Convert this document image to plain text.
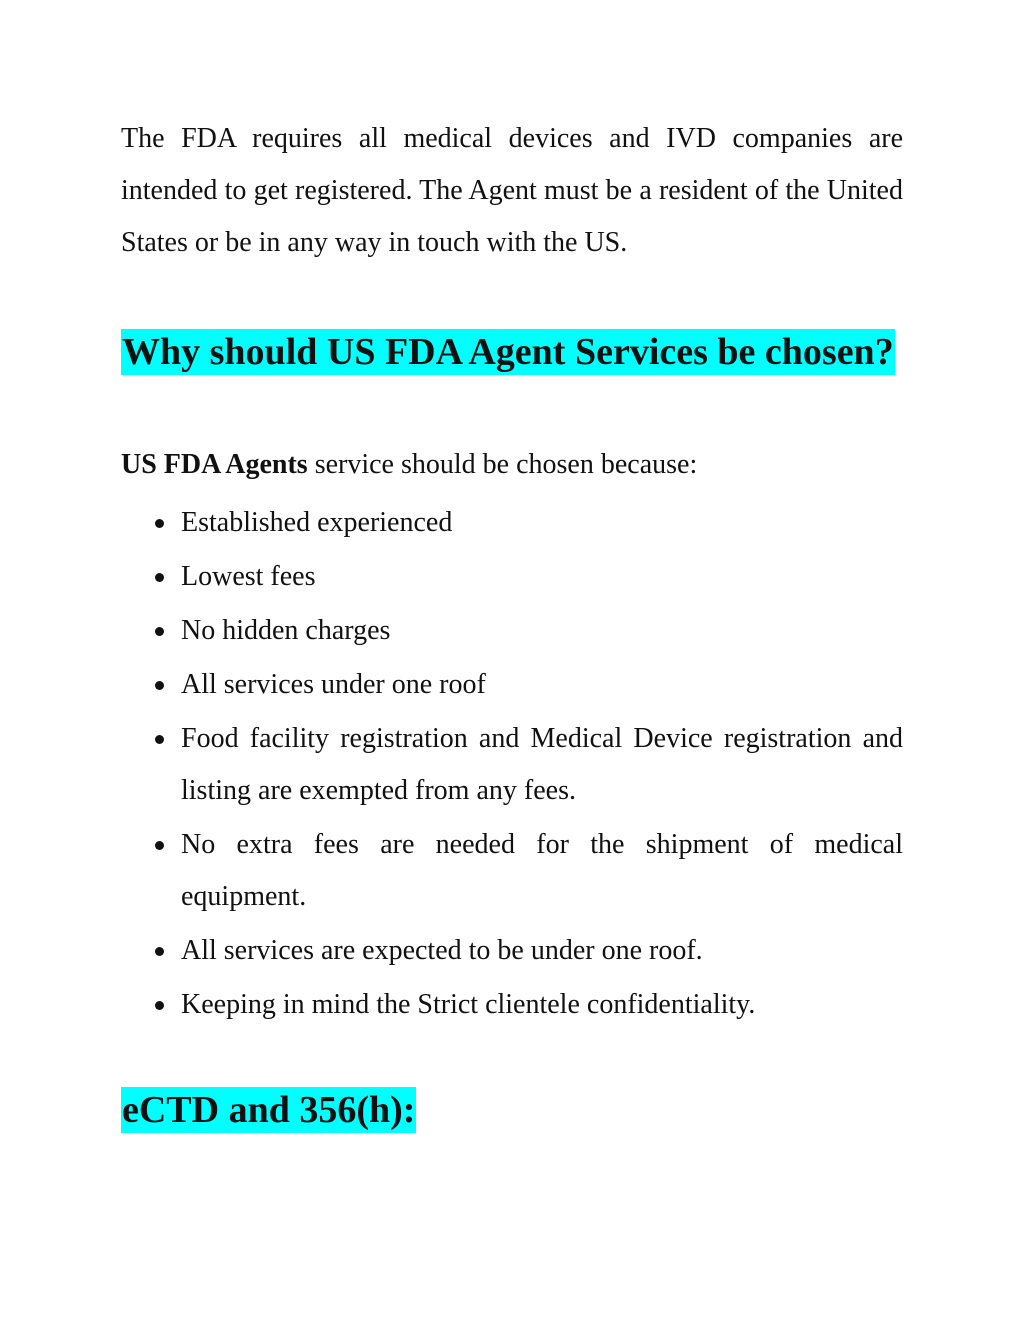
The FDA requires all medical devices and IVD companies are intended to get registered. The Agent must be a resident of the United States or be in any way in touch with the US.

Why should US FDA Agent Services be chosen?

US FDA Agents service should be chosen because:

Established experienced
Lowest fees
No hidden charges
All services under one roof
Food facility registration and Medical Device registration and listing are exempted from any fees.
No extra fees are needed for the shipment of medical equipment.
All services are expected to be under one roof.
Keeping in mind the Strict clientele confidentiality.
eCTD and 356(h):
